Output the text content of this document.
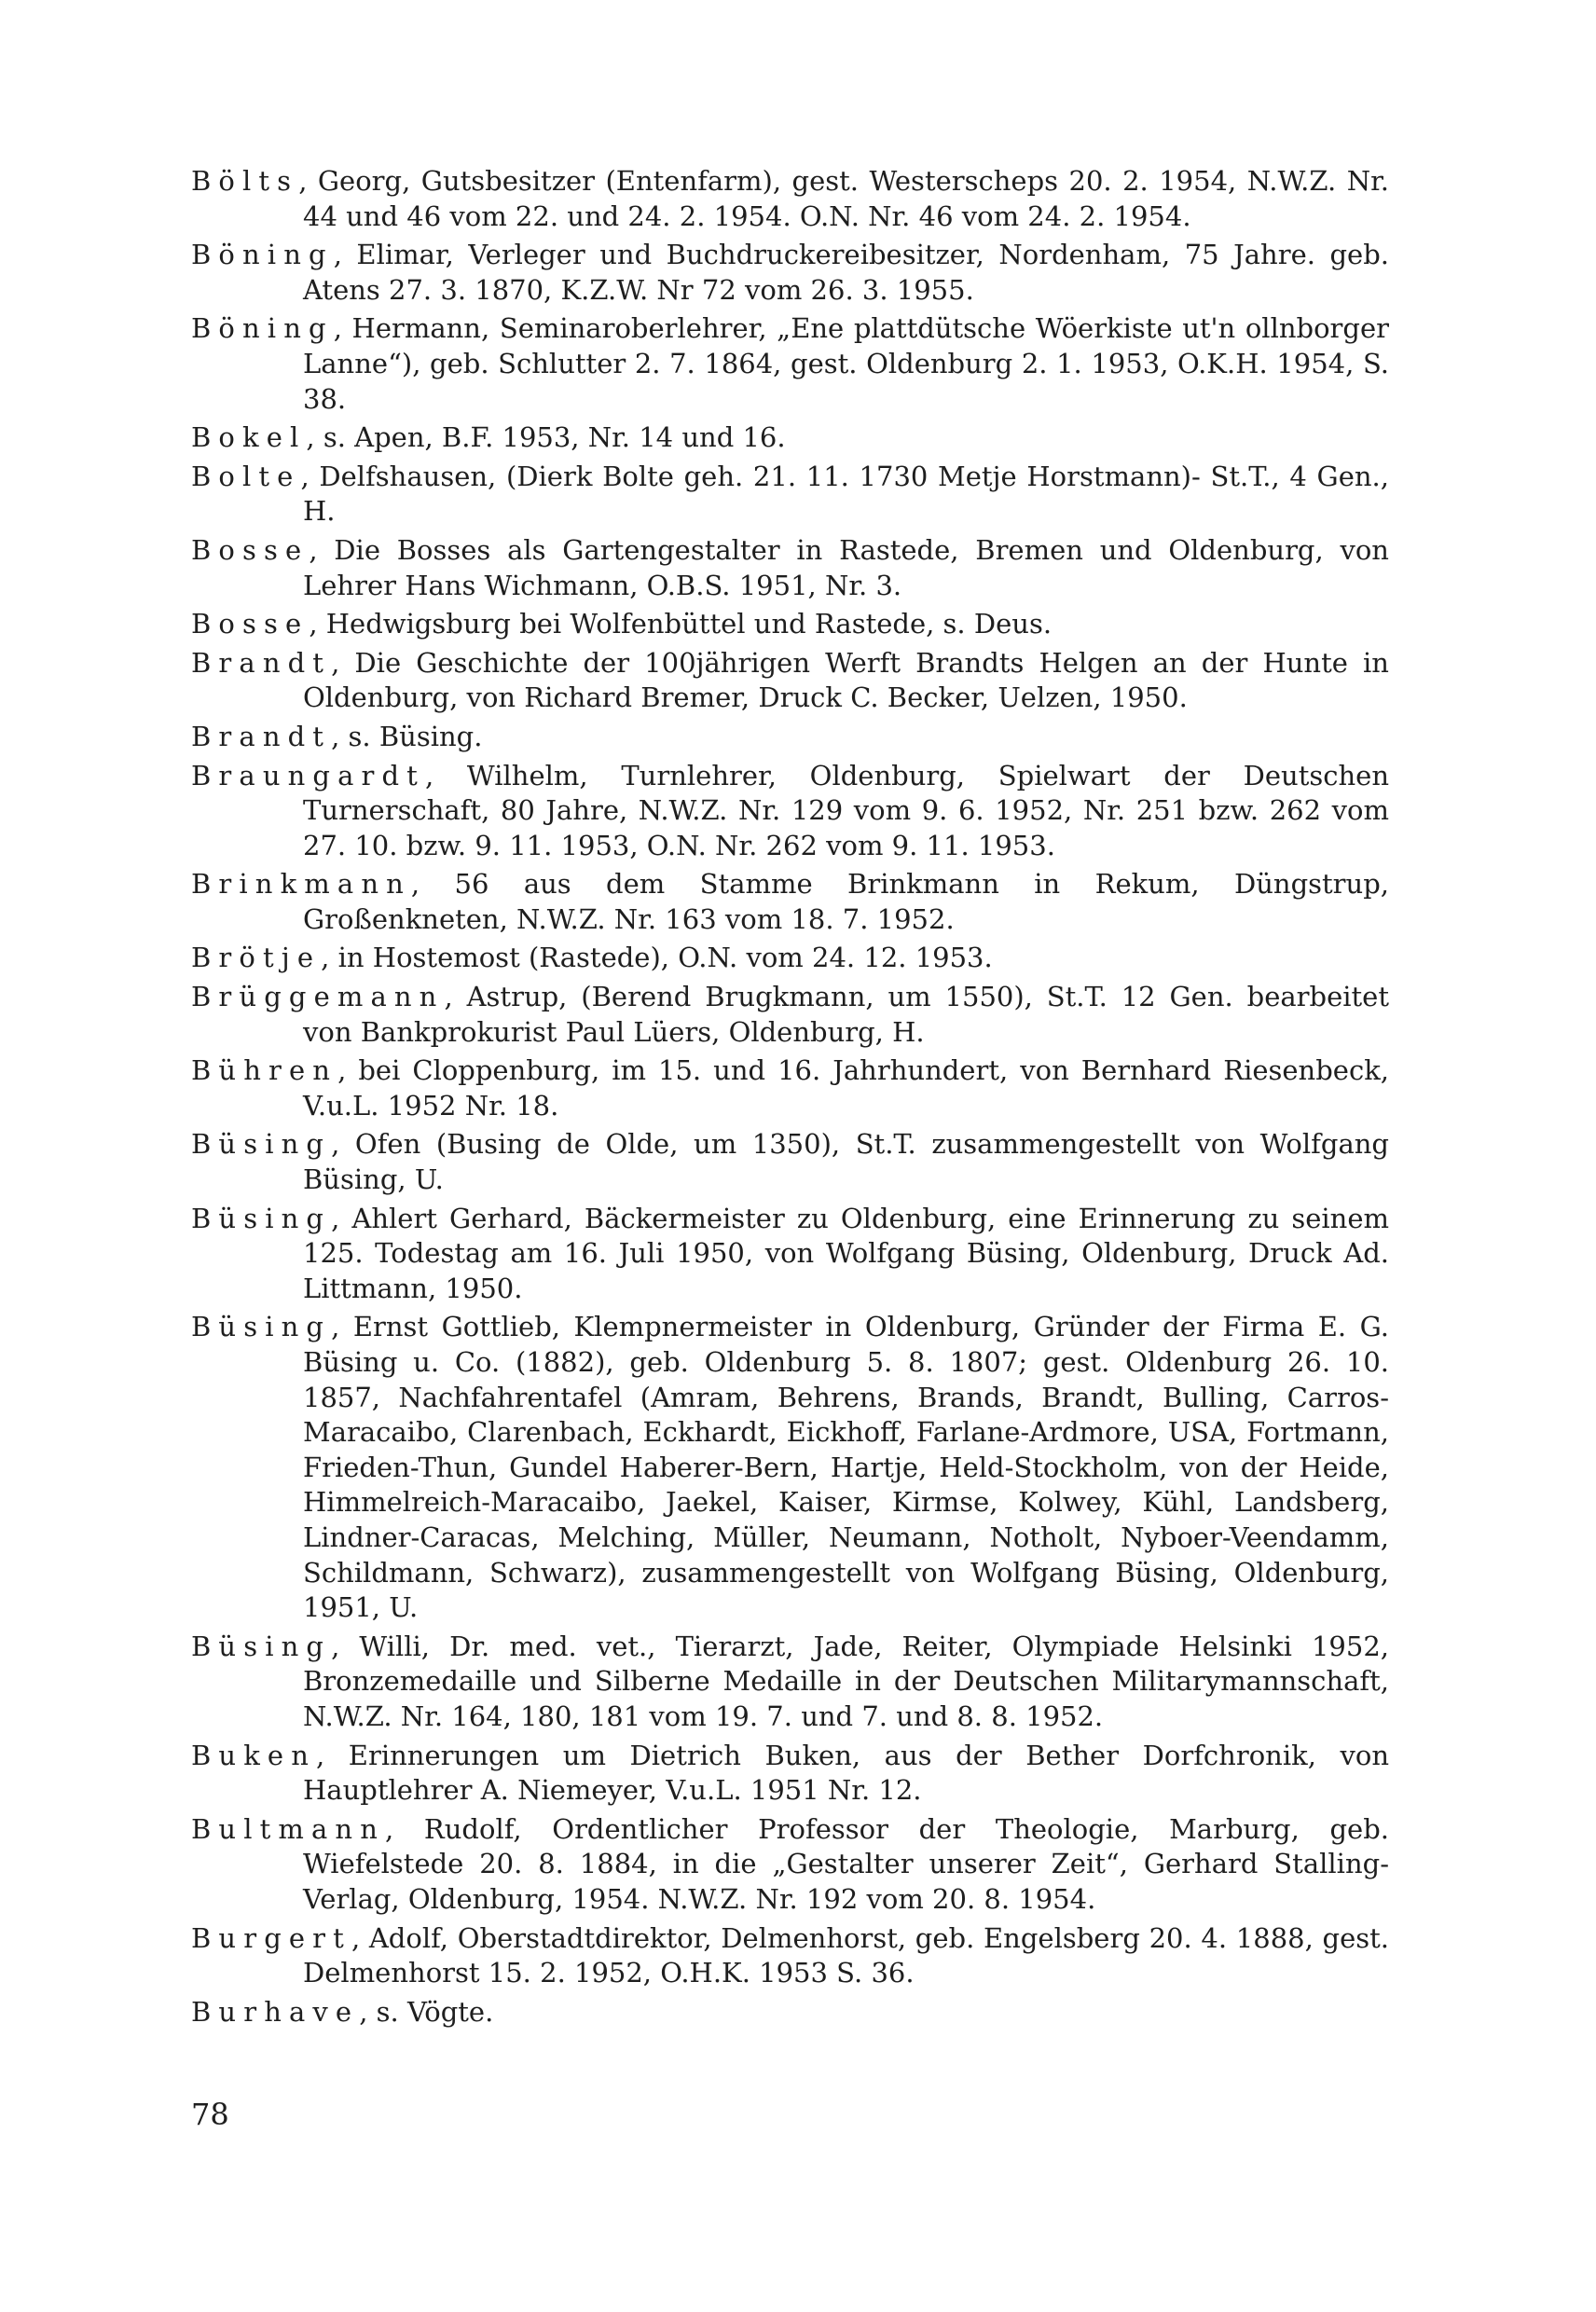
Bölts, Georg, Gutsbesitzer (Entenfarm), gest. Westerscheps 20. 2. 1954, N.W.Z. Nr. 44 und 46 vom 22. und 24. 2. 1954. O.N. Nr. 46 vom 24. 2. 1954.

Böning, Elimar, Verleger und Buchdruckereibesitzer, Nordenham, 75 Jahre. geb. Atens 27. 3. 1870, K.Z.W. Nr 72 vom 26. 3. 1955.

Böning, Hermann, Seminaroberlehrer, „Ene plattdütsche Wöerkiste ut'n ollnborger Lanne“), geb. Schlutter 2. 7. 1864, gest. Oldenburg 2. 1. 1953, O.K.H. 1954, S. 38.

Bokel, s. Apen, B.F. 1953, Nr. 14 und 16.

Bolte, Delfshausen, (Dierk Bolte geh. 21. 11. 1730 Metje Horstmann)- St.T., 4 Gen., H.

Bosse, Die Bosses als Gartengestalter in Rastede, Bremen und Oldenburg, von Lehrer Hans Wichmann, O.B.S. 1951, Nr. 3.

Bosse, Hedwigsburg bei Wolfenbüttel und Rastede, s. Deus.

Brandt, Die Geschichte der 100jährigen Werft Brandts Helgen an der Hunte in Oldenburg, von Richard Bremer, Druck C. Becker, Uelzen, 1950.

Brandt, s. Büsing.

Braungardt, Wilhelm, Turnlehrer, Oldenburg, Spielwart der Deutschen Turnerschaft, 80 Jahre, N.W.Z. Nr. 129 vom 9. 6. 1952, Nr. 251 bzw. 262 vom 27. 10. bzw. 9. 11. 1953, O.N. Nr. 262 vom 9. 11. 1953.

Brinkmann, 56 aus dem Stamme Brinkmann in Rekum, Düngstrup, Großenkneten, N.W.Z. Nr. 163 vom 18. 7. 1952.

Brötje, in Hostemost (Rastede), O.N. vom 24. 12. 1953.

Brüggemann, Astrup, (Berend Brugkmann, um 1550), St.T. 12 Gen. bearbeitet von Bankprokurist Paul Lüers, Oldenburg, H.

Bühren, bei Cloppenburg, im 15. und 16. Jahrhundert, von Bernhard Riesenbeck, V.u.L. 1952 Nr. 18.

Büsing, Ofen (Busing de Olde, um 1350), St.T. zusammengestellt von Wolfgang Büsing, U.

Büsing, Ahlert Gerhard, Bäckermeister zu Oldenburg, eine Erinnerung zu seinem 125. Todestag am 16. Juli 1950, von Wolfgang Büsing, Oldenburg, Druck Ad. Littmann, 1950.

Büsing, Ernst Gottlieb, Klempnermeister in Oldenburg, Gründer der Firma E. G. Büsing u. Co. (1882), geb. Oldenburg 5. 8. 1807; gest. Oldenburg 26. 10. 1857, Nachfahrentafel (Amram, Behrens, Brands, Brandt, Bulling, Carros-Maracaibo, Clarenbach, Eckhardt, Eickhoff, Farlane-Ardmore, USA, Fortmann, Frieden-Thun, Gundel Haberer-Bern, Hartje, Held-Stockholm, von der Heide, Himmelreich-Maracaibo, Jaekel, Kaiser, Kirmse, Kolwey, Kühl, Landsberg, Lindner-Caracas, Melching, Müller, Neumann, Notholt, Nyboer-Veendamm, Schildmann, Schwarz), zusammengestellt von Wolfgang Büsing, Oldenburg, 1951, U.

Büsing, Willi, Dr. med. vet., Tierarzt, Jade, Reiter, Olympiade Helsinki 1952, Bronzemedaille und Silberne Medaille in der Deutschen Militarymannschaft, N.W.Z. Nr. 164, 180, 181 vom 19. 7. und 7. und 8. 8. 1952.

Buken, Erinnerungen um Dietrich Buken, aus der Bether Dorfchronik, von Hauptlehrer A. Niemeyer, V.u.L. 1951 Nr. 12.

Bultmann, Rudolf, Ordentlicher Professor der Theologie, Marburg, geb. Wiefelstede 20. 8. 1884, in die „Gestalter unserer Zeit“, Gerhard Stalling-Verlag, Oldenburg, 1954. N.W.Z. Nr. 192 vom 20. 8. 1954.

Burgert, Adolf, Oberstadtdirektor, Delmenhorst, geb. Engelsberg 20. 4. 1888, gest. Delmenhorst 15. 2. 1952, O.H.K. 1953 S. 36.

Burhave, s. Vögte.

78
